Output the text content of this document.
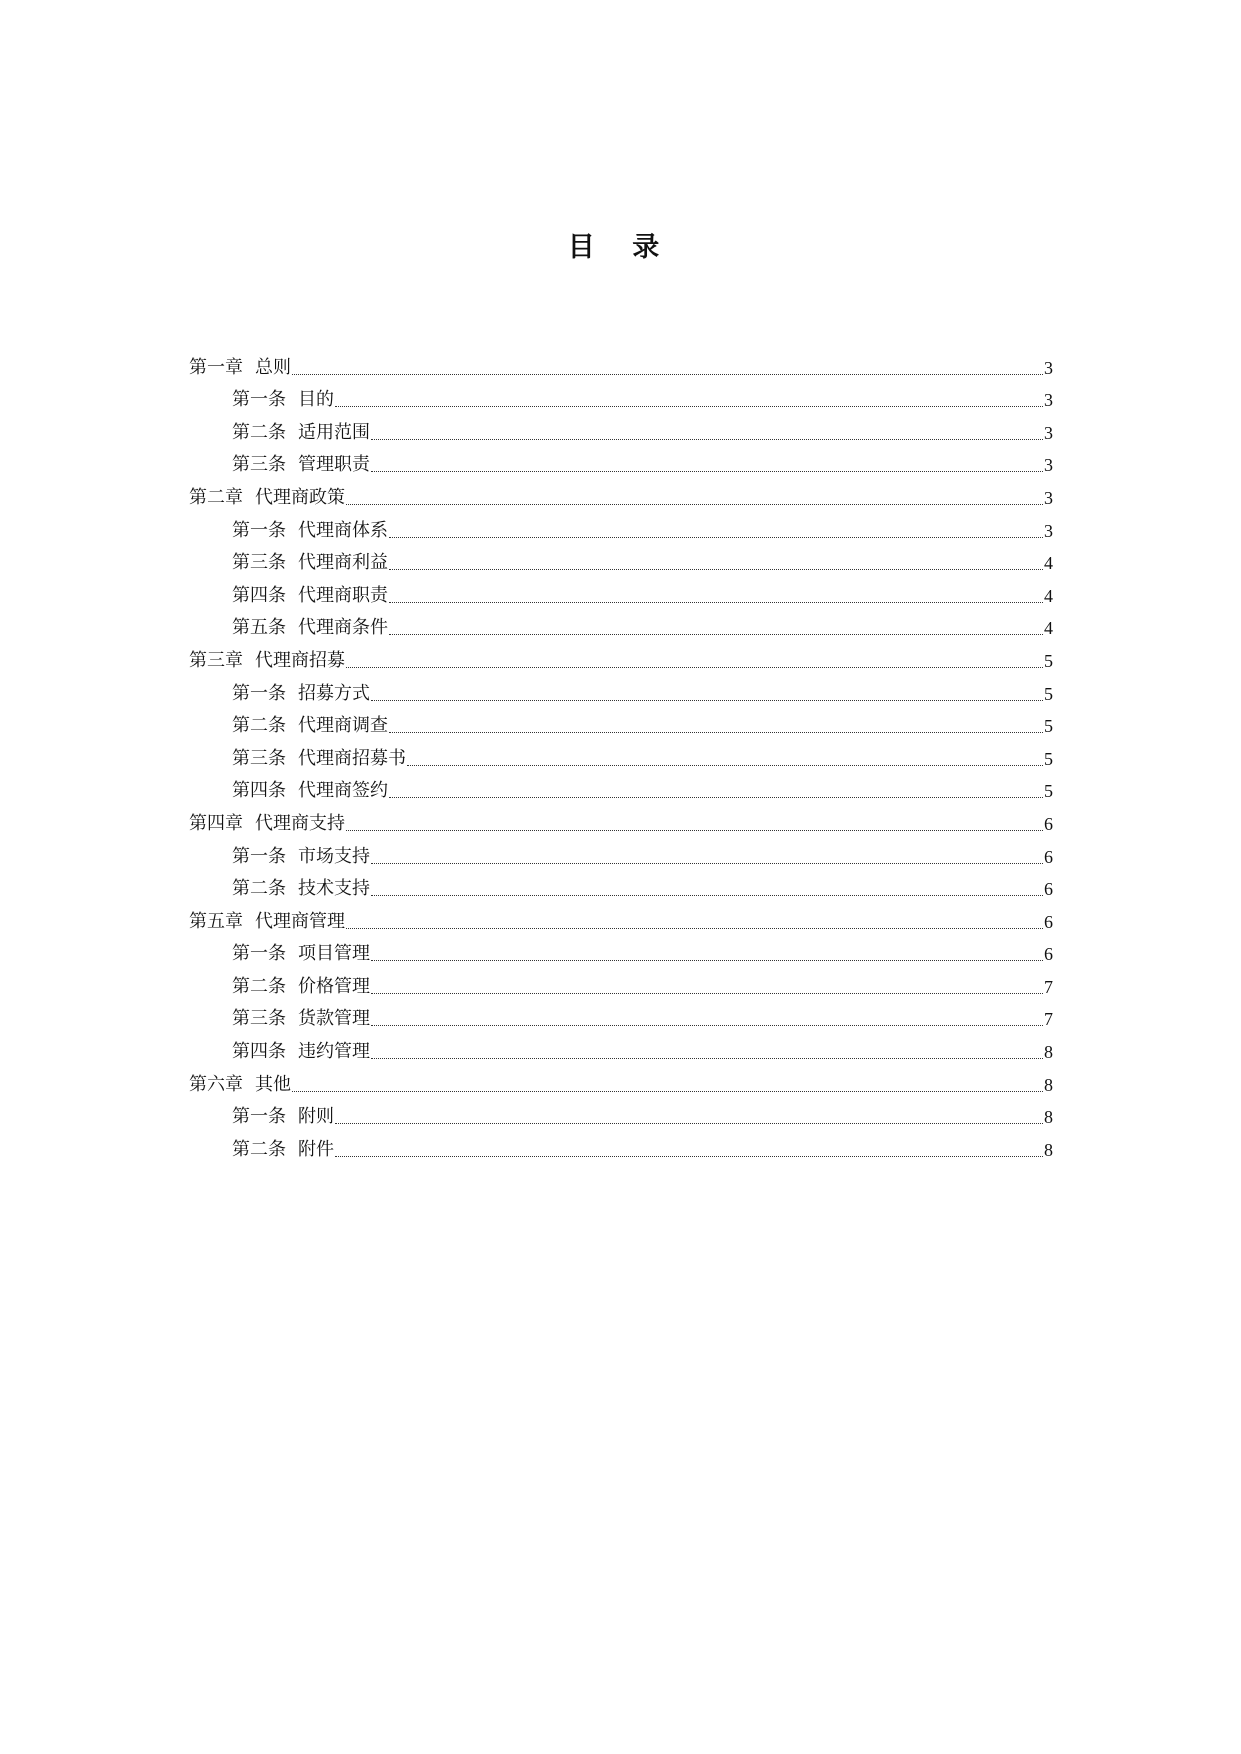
目 录
第一章 总则	3
第一条 目的	3
第二条 适用范围	3
第三条 管理职责	3
第二章 代理商政策	3
第一条 代理商体系	3
第三条 代理商利益	4
第四条 代理商职责	4
第五条 代理商条件	4
第三章 代理商招募	5
第一条 招募方式	5
第二条 代理商调查	5
第三条 代理商招募书	5
第四条 代理商签约	5
第四章 代理商支持	6
第一条 市场支持	6
第二条 技术支持	6
第五章 代理商管理	6
第一条 项目管理	6
第二条 价格管理	7
第三条 货款管理	7
第四条 违约管理	8
第六章 其他	8
第一条 附则	8
第二条 附件	8
